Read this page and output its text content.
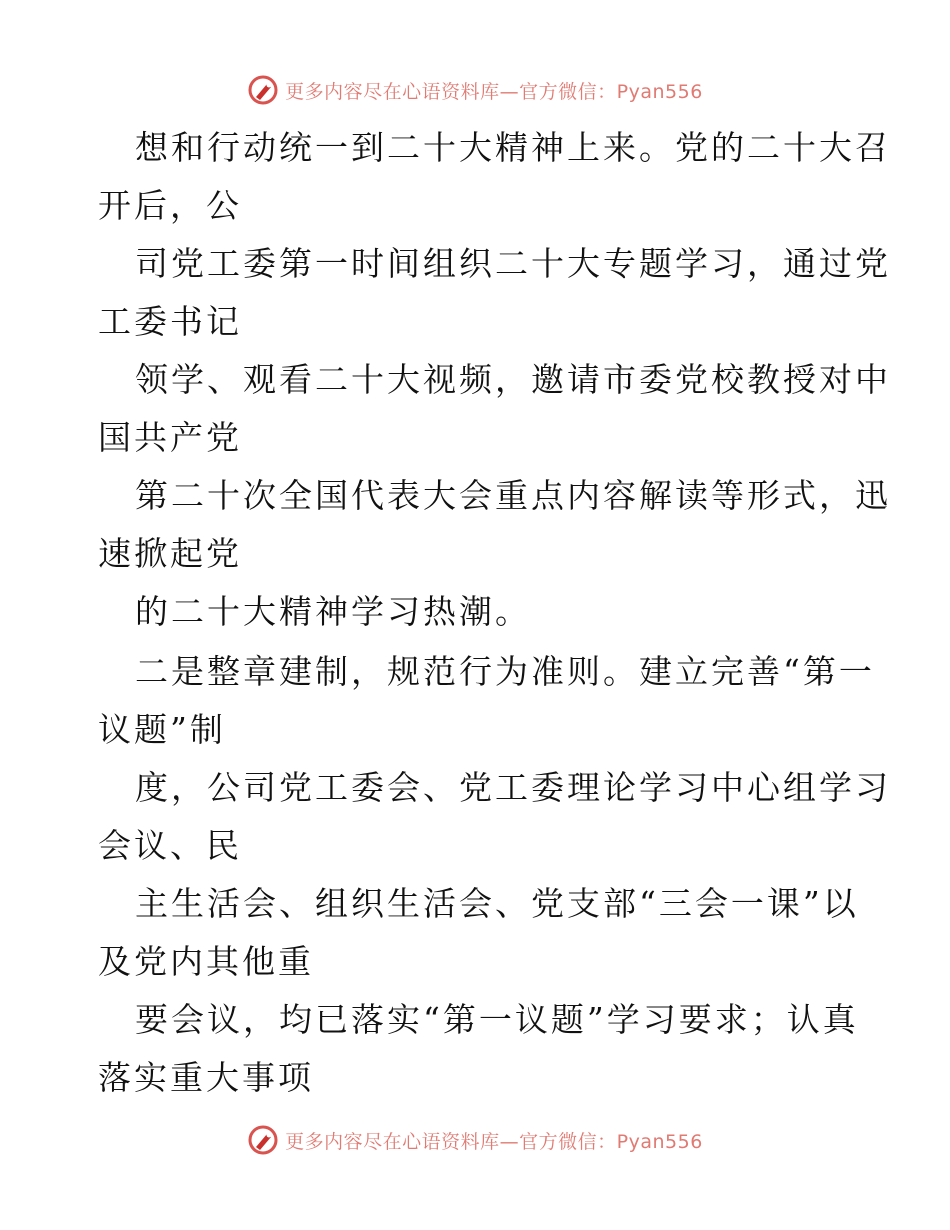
更多内容尽在心语资料库—官方微信：Pyan556
想和行动统一到二十大精神上来。党的二十大召
开后，公
司党工委第一时间组织二十大专题学习，通过党
工委书记
领学、观看二十大视频，邀请市委党校教授对中
国共产党
第二十次全国代表大会重点内容解读等形式，迅
速掀起党
的二十大精神学习热潮。
二是整章建制，规范行为准则。建立完善“第一
议题”制
度，公司党工委会、党工委理论学习中心组学习
会议、民
主生活会、组织生活会、党支部“三会一课”以
及党内其他重
要会议，均已落实“第一议题”学习要求；认真
落实重大事项
更多内容尽在心语资料库—官方微信：Pyan556
